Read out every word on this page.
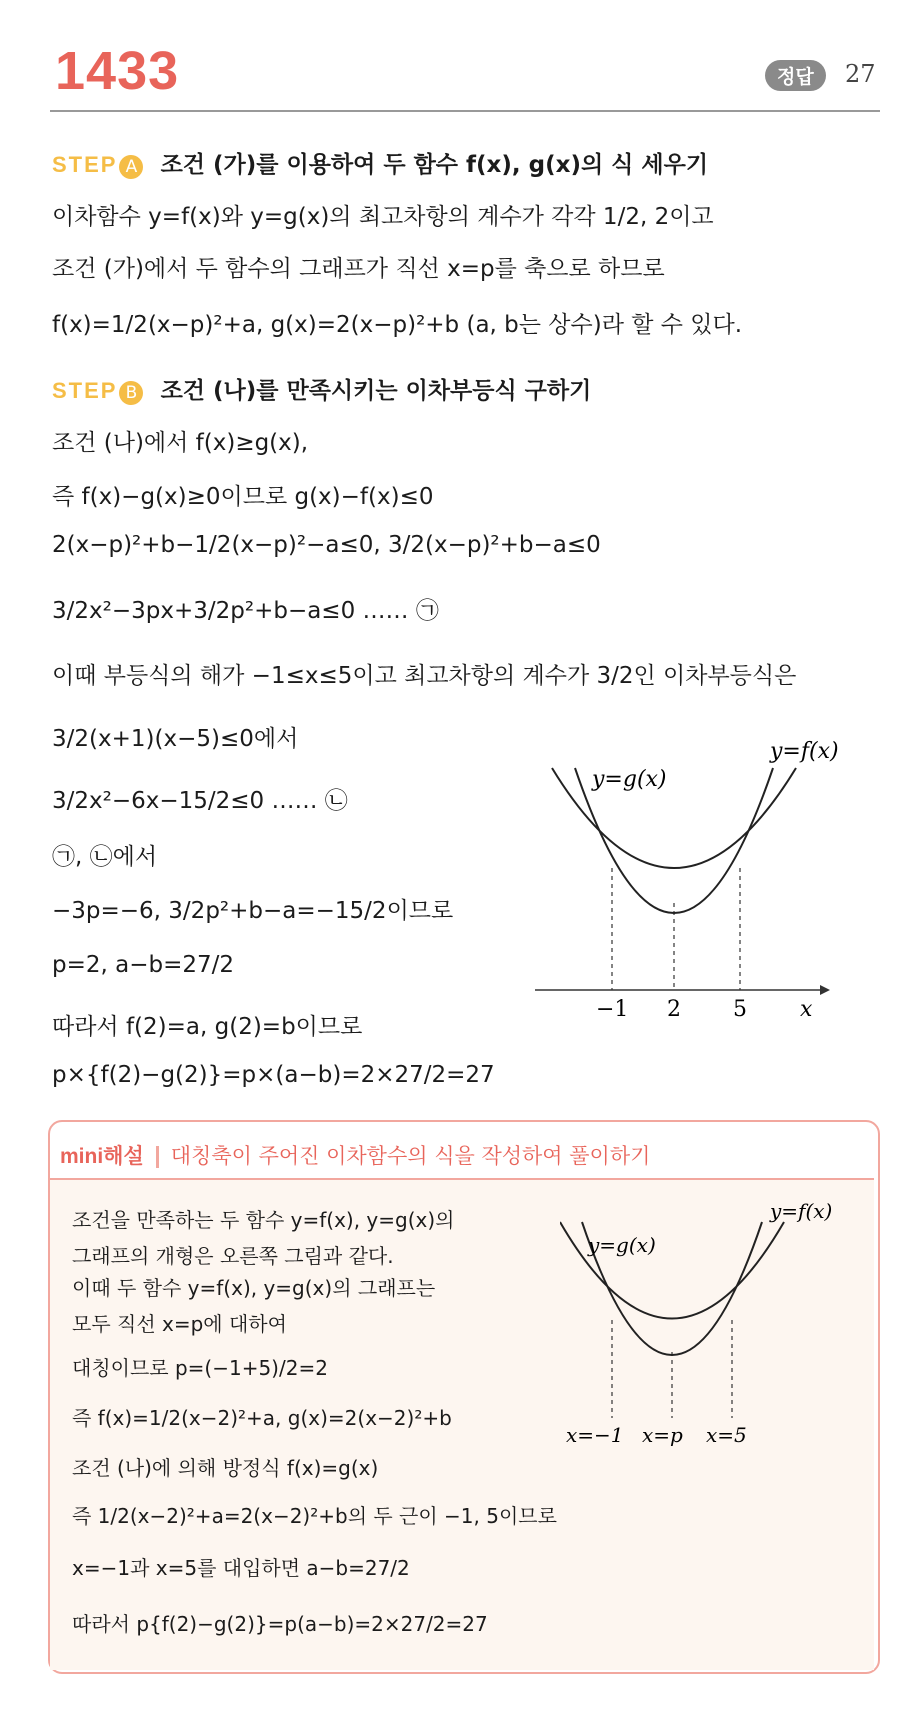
1433	정답	27
STEP A 조건 (가)를 이용하여 두 함수 f(x), g(x)의 식 세우기
이차함수 y=f(x)와 y=g(x)의 최고차항의 계수가 각각 1/2, 2이고
조건 (가)에서 두 함수의 그래프가 직선 x=p를 축으로 하므로
f(x)=1/2(x−p)²+a, g(x)=2(x−p)²+b (a, b는 상수)라 할 수 있다.
STEP B 조건 (나)를 만족시키는 이차부등식 구하기
조건 (나)에서 f(x)≥g(x),
즉 f(x)−g(x)≥0이므로 g(x)−f(x)≤0
2(x−p)²+b−1/2(x−p)²−a≤0, 3/2(x−p)²+b−a≤0
3/2x²−3px+3/2p²+b−a≤0 …… ㉠
이때 부등식의 해가 −1≤x≤5이고 최고차항의 계수가 3/2인 이차부등식은
3/2(x+1)(x−5)≤0에서
3/2x²−6x−15/2≤0 …… ㉡
㉠, ㉡에서
−3p=−6, 3/2p²+b−a=−15/2이므로
p=2, a−b=27/2
따라서 f(2)=a, g(2)=b이므로
p×{f(2)−g(2)}=p×(a−b)=2×27/2=27
y=f(x)
y=g(x)
−1 2 5 x
mini해설 대칭축이 주어진 이차함수의 식을 작성하여 풀이하기
조건을 만족하는 두 함수 y=f(x), y=g(x)의
그래프의 개형은 오른쪽 그림과 같다.
이때 두 함수 y=f(x), y=g(x)의 그래프는
모두 직선 x=p에 대하여
대칭이므로 p=(−1+5)/2=2
즉 f(x)=1/2(x−2)²+a, g(x)=2(x−2)²+b
조건 (나)에 의해 방정식 f(x)=g(x)
즉 1/2(x−2)²+a=2(x−2)²+b의 두 근이 −1, 5이므로
x=−1과 x=5를 대입하면 a−b=27/2
따라서 p{f(2)−g(2)}=p(a−b)=2×27/2=27
y=f(x)
y=g(x)
x=−1 x=p x=5
